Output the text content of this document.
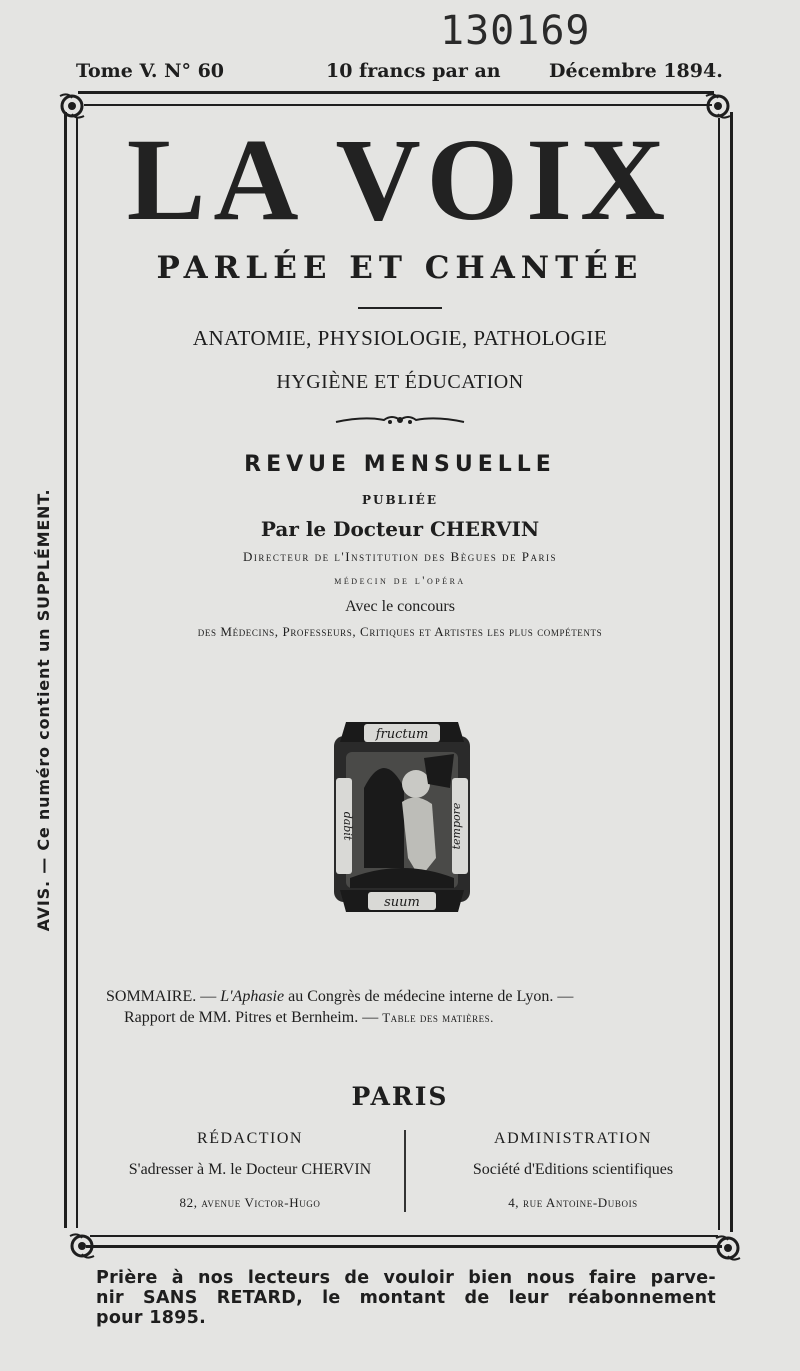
130169
Tome V. N° 60	10 francs par an	Décembre 1894.
LA VOIX
PARLÉE ET CHANTÉE
ANATOMIE, PHYSIOLOGIE, PATHOLOGIE
HYGIÈNE ET ÉDUCATION
REVUE MENSUELLE
PUBLIÉE
Par le Docteur CHERVIN
Directeur de l'Institution des Bègues de Paris
médecin de l'opéra
Avec le concours
des Médecins, Professeurs, Critiques et Artistes les plus compétents
AVIS. — Ce numéro contient un SUPPLÉMENT.	fructum
suum
dabit	tempore
SOMMAIRE. — L'Aphasie au Congrès de médecine interne de Lyon. —
Rapport de MM. Pitres et Bernheim. — Table des matières.
PARIS
RÉDACTION
S'adresser à M. le Docteur CHERVIN
82, avenue Victor-Hugo
ADMINISTRATION
Société d'Editions scientifiques
4, rue Antoine-Dubois
Prière à nos lecteurs de vouloir bien nous faire parve-
nir SANS RETARD, le montant de leur réabonnement
pour 1895.
